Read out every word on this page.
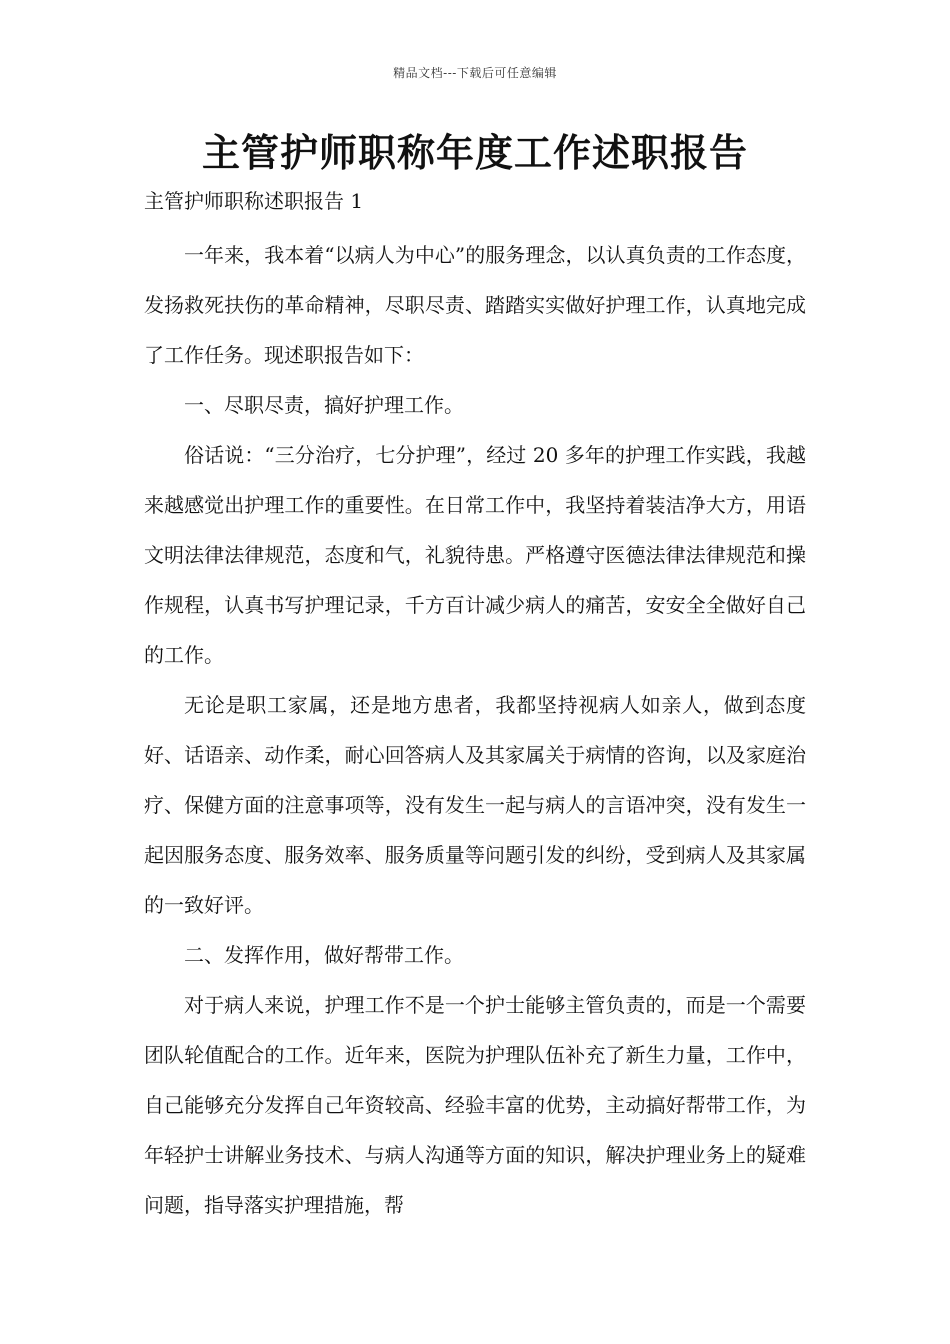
精品文档---下载后可任意编辑
主管护师职称年度工作述职报告
主管护师职称述职报告 1

一年来，我本着“以病人为中心”的服务理念，以认真负责的工作态度，发扬救死扶伤的革命精神，尽职尽责、踏踏实实做好护理工作，认真地完成了工作任务。现述职报告如下：

一、尽职尽责，搞好护理工作。

俗话说：“三分治疗，七分护理”，经过 20 多年的护理工作实践，我越来越感觉出护理工作的重要性。在日常工作中，我坚持着装洁净大方，用语文明法律法律规范，态度和气，礼貌待患。严格遵守医德法律法律规范和操作规程，认真书写护理记录，千方百计减少病人的痛苦，安安全全做好自己的工作。

无论是职工家属，还是地方患者，我都坚持视病人如亲人，做到态度好、话语亲、动作柔，耐心回答病人及其家属关于病情的咨询，以及家庭治疗、保健方面的注意事项等，没有发生一起与病人的言语冲突，没有发生一起因服务态度、服务效率、服务质量等问题引发的纠纷，受到病人及其家属的一致好评。

二、发挥作用，做好帮带工作。

对于病人来说，护理工作不是一个护士能够主管负责的，而是一个需要团队轮值配合的工作。近年来，医院为护理队伍补充了新生力量，工作中，自己能够充分发挥自己年资较高、经验丰富的优势，主动搞好帮带工作，为年轻护士讲解业务技术、与病人沟通等方面的知识，解决护理业务上的疑难问题，指导落实护理措施，帮
